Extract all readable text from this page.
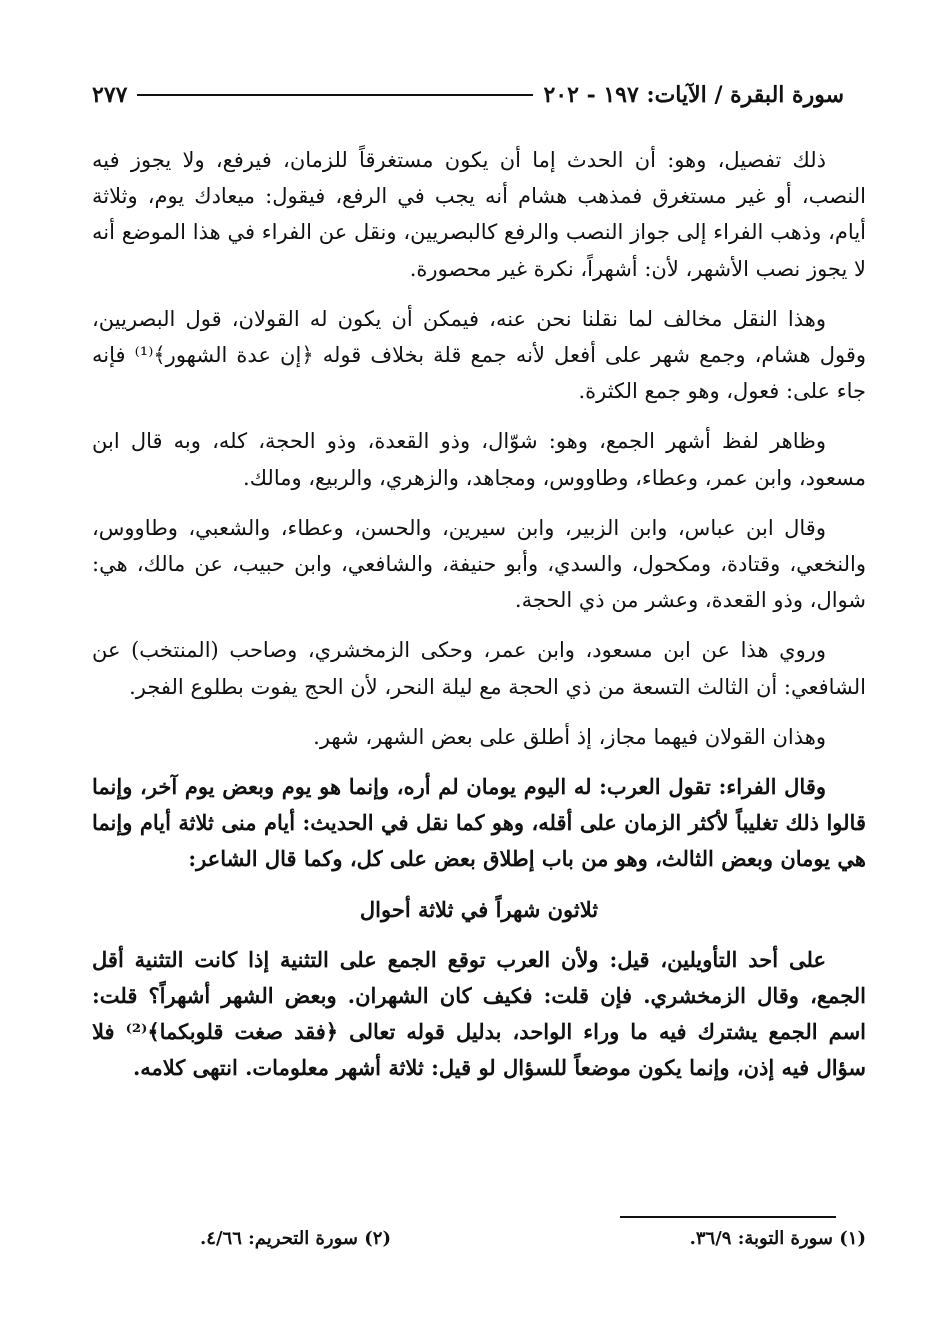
سورة البقرة / الآيات: ١٩٧ - ٢٠٢
٢٧٧

ذلك تفصيل، وهو: أن الحدث إما أن يكون مستغرقاً للزمان، فيرفع، ولا يجوز فيه النصب، أو غير مستغرق فمذهب هشام أنه يجب في الرفع، فيقول: ميعادك يوم، وثلاثة أيام، وذهب الفراء إلى جواز النصب والرفع كالبصريين، ونقل عن الفراء في هذا الموضع أنه لا يجوز نصب الأشهر، لأن: أشهراً، نكرة غير محصورة.

وهذا النقل مخالف لما نقلنا نحن عنه، فيمكن أن يكون له القولان، قول البصريين، وقول هشام، وجمع شهر على أفعل لأنه جمع قلة بخلاف قوله ﴿إن عدة الشهور﴾⁽¹⁾ فإنه جاء على: فعول، وهو جمع الكثرة.

وظاهر لفظ أشهر الجمع، وهو: شوّال، وذو القعدة، وذو الحجة، كله، وبه قال ابن مسعود، وابن عمر، وعطاء، وطاووس، ومجاهد، والزهري، والربيع، ومالك.

وقال ابن عباس، وابن الزبير، وابن سيرين، والحسن، وعطاء، والشعبي، وطاووس، والنخعي، وقتادة، ومكحول، والسدي، وأبو حنيفة، والشافعي، وابن حبيب، عن مالك، هي: شوال، وذو القعدة، وعشر من ذي الحجة.

وروي هذا عن ابن مسعود، وابن عمر، وحكى الزمخشري، وصاحب (المنتخب) عن الشافعي: أن الثالث التسعة من ذي الحجة مع ليلة النحر، لأن الحج يفوت بطلوع الفجر.

وهذان القولان فيهما مجاز، إذ أطلق على بعض الشهر، شهر.

وقال الفراء: تقول العرب: له اليوم يومان لم أره، وإنما هو يوم وبعض يوم آخر، وإنما قالوا ذلك تغليباً لأكثر الزمان على أقله، وهو كما نقل في الحديث: أيام منى ثلاثة أيام وإنما هي يومان وبعض الثالث، وهو من باب إطلاق بعض على كل، وكما قال الشاعر:

ثلاثون شهراً في ثلاثة أحوال

على أحد التأويلين، قيل: ولأن العرب توقع الجمع على التثنية إذا كانت التثنية أقل الجمع، وقال الزمخشري. فإن قلت: فكيف كان الشهران. وبعض الشهر أشهراً؟ قلت: اسم الجمع يشترك فيه ما وراء الواحد، بدليل قوله تعالى ﴿فقد صغت قلوبكما﴾⁽²⁾ فلا سؤال فيه إذن، وإنما يكون موضعاً للسؤال لو قيل: ثلاثة أشهر معلومات. انتهى كلامه.

(١) سورة التوبة: ٣٦/٩.
(٢) سورة التحريم: ٤/٦٦.
